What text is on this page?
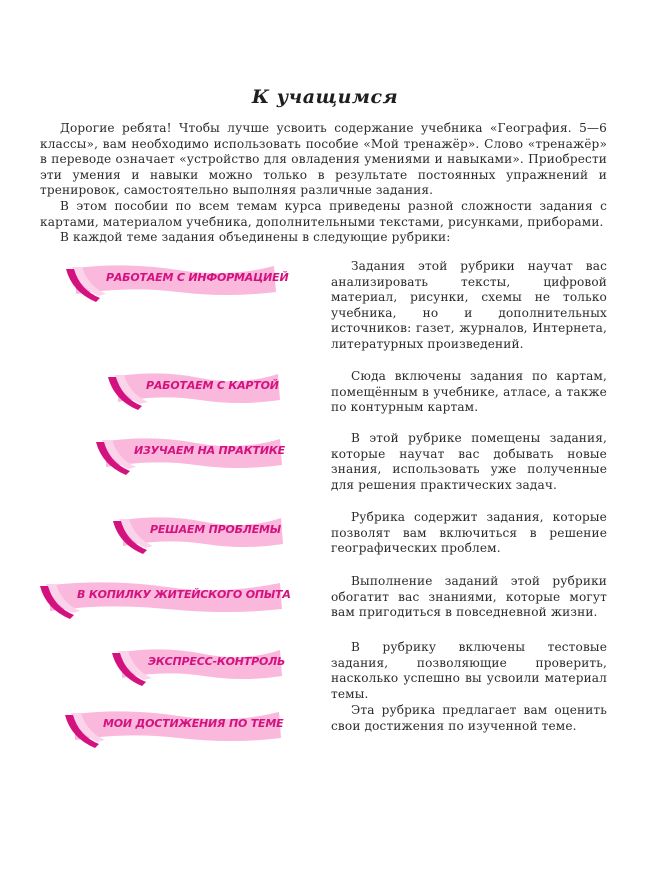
К учащимся

Дорогие ребята! Чтобы лучше усвоить содержание учебника «География. 5—6 классы», вам необходимо использовать пособие «Мой тренажёр». Слово «тренажёр» в переводе означает «устройство для овладения умениями и навыками». Приобрести эти умения и навыки можно только в результате постоянных упражнений и тренировок, самостоятельно выполняя различные задания.

В этом пособии по всем темам курса приведены разной сложности задания с картами, материалом учебника, дополнительными текстами, рисунками, приборами.

В каждой теме задания объединены в следующие рубрики:

РАБОТАЕМ С ИНФОРМАЦИЕЙ

Задания этой рубрики научат вас анализировать тексты, цифровой материал, рисунки, схемы не только учебника, но и дополнительных источников: газет, журналов, Интернета, литературных произведений.

РАБОТАЕМ С КАРТОЙ

Сюда включены задания по картам, помещённым в учебнике, атласе, а также по контурным картам.

ИЗУЧАЕМ НА ПРАКТИКЕ

В этой рубрике помещены задания, которые научат вас добывать новые знания, использовать уже полученные для решения практических задач.

РЕШАЕМ ПРОБЛЕМЫ

Рубрика содержит задания, которые позволят вам включиться в решение географических проблем.

В КОПИЛКУ ЖИТЕЙСКОГО ОПЫТА

Выполнение заданий этой рубрики обогатит вас знаниями, которые могут вам пригодиться в повседневной жизни.

ЭКСПРЕСС-КОНТРОЛЬ

В рубрику включены тестовые задания, позволяющие проверить, насколько успешно вы усвоили материал темы.

МОИ ДОСТИЖЕНИЯ ПО ТЕМЕ

Эта рубрика предлагает вам оценить свои достижения по изученной теме.
